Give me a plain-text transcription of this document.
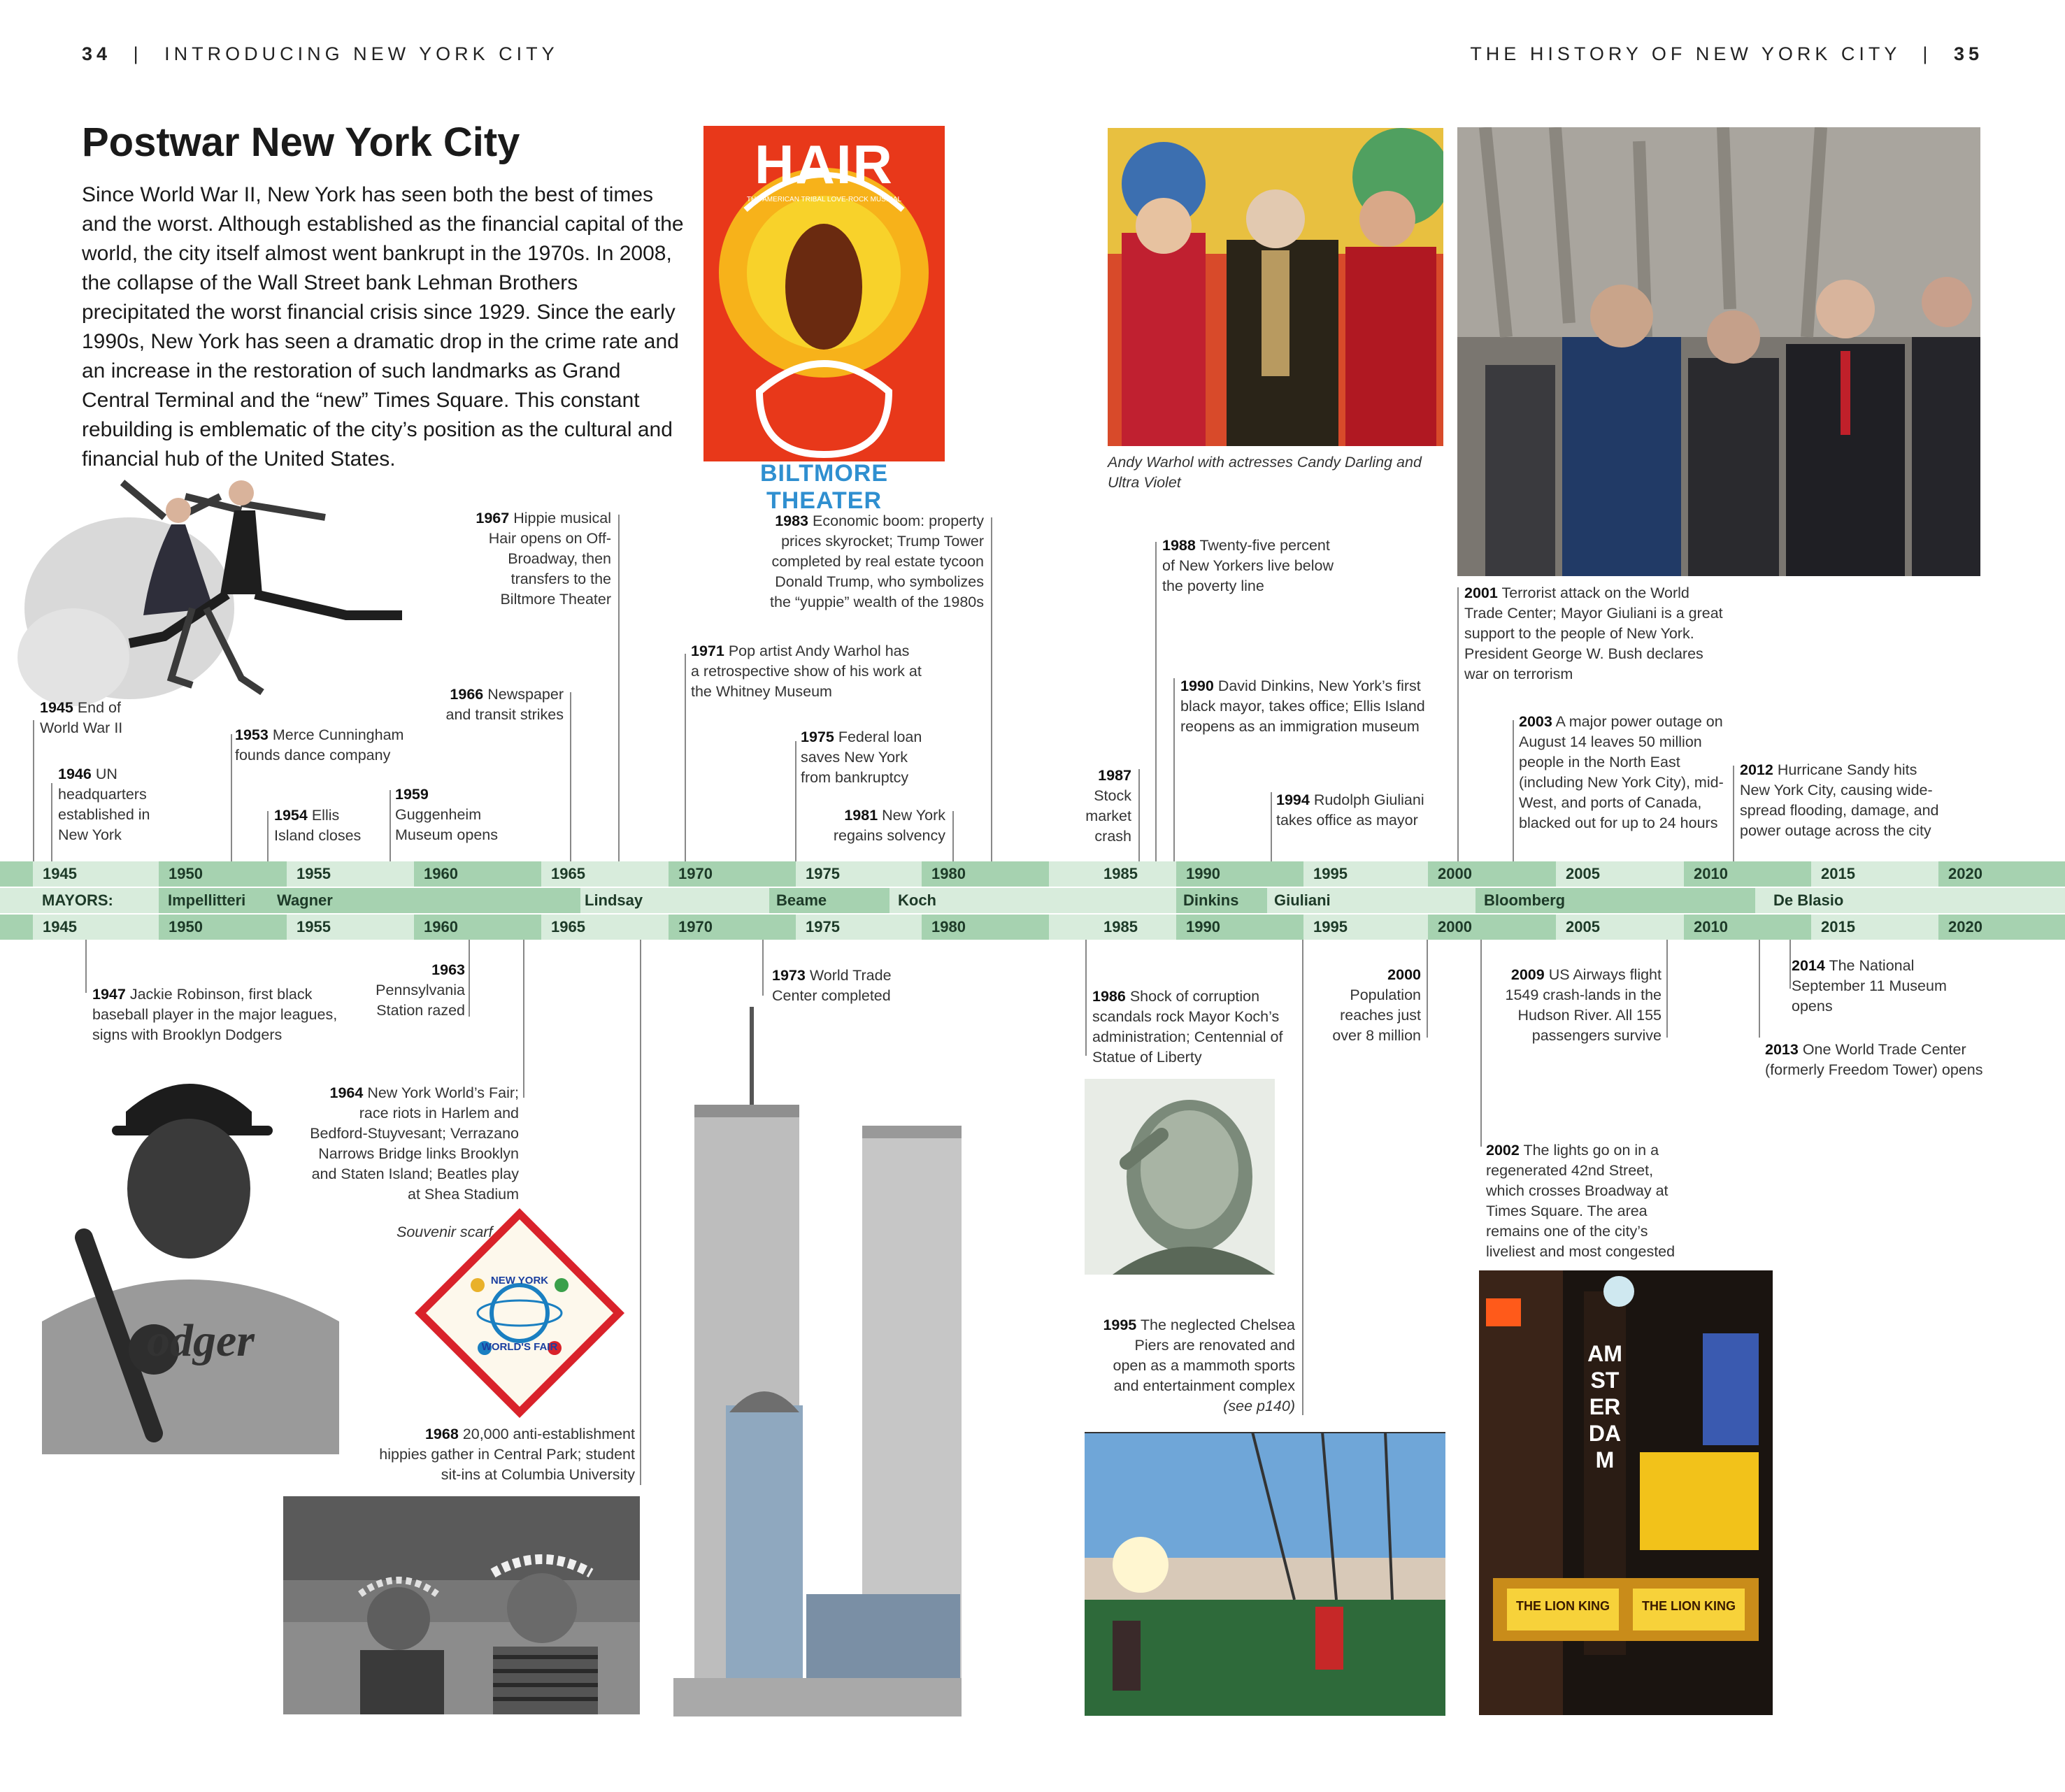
34 | INTRODUCING NEW YORK CITY	THE HISTORY OF NEW YORK CITY | 35
Postwar New York City
Since World War II, New York has seen both the best of times and the worst. Although established as the financial capital of the world, the city itself almost went bankrupt in the 1970s. In 2008, the collapse of the Wall Street bank Lehman Brothers precipitated the worst financial crisis since 1929. Since the early 1990s, New York has seen a dramatic drop in the crime rate and an increase in the restoration of such landmarks as Grand Central Terminal and the “new” Times Square. This constant rebuilding is emblematic of the city’s position as the cultural and financial hub of the United States.
HAIR
THE AMERICAN TRIBAL LOVE-ROCK MUSICAL
BILTMORE THEATER
Andy Warhol with actresses Candy Darling and Ultra Violet
odger
Souvenir scarf
NEW YORK
WORLD'S FAIR	AMSTERDAM
THE LION KING	THE LION KING
1945	1950	1955	1960	1965	1970	1975	1980	1985	1990	1995	2000	2005	2010	2015	2020
MAYORS:	Impellitteri Wagner	Lindsay	Beame	Koch	Dinkins Giuliani	Bloomberg	De Blasio
1945	1950	1955	1960	1965	1970	1975	1980	1985	1990	1995	2000	2005	2010	2015	2020
1945 End of World War II
1946 UN headquarters established in New York
1953 Merce Cunningham founds dance company
1954 Ellis Island closes
1959 Guggenheim Museum opens
1966 Newspaper and transit strikes
1967 Hippie musical Hair opens on Off-Broadway, then transfers to the Biltmore Theater
1971 Pop artist Andy Warhol has a retrospective show of his work at the Whitney Museum
1975 Federal loan saves New York from bankruptcy
1981 New York regains solvency
1983 Economic boom: property prices skyrocket; Trump Tower completed by real estate tycoon Donald Trump, who symbolizes the “yuppie” wealth of the 1980s
1987 Stock market crash
1988 Twenty-five percent of New Yorkers live below the poverty line
1990 David Dinkins, New York’s first black mayor, takes office; Ellis Island reopens as an immigration museum
1994 Rudolph Giuliani takes office as mayor
2001 Terrorist attack on the World Trade Center; Mayor Giuliani is a great support to the people of New York. President George W. Bush declares war on terrorism
2003 A major power outage on August 14 leaves 50 million people in the North East (including New York City), mid-West, and ports of Canada, blacked out for up to 24 hours
2012 Hurricane Sandy hits New York City, causing wide-spread flooding, damage, and power outage across the city
1947 Jackie Robinson, first black baseball player in the major leagues, signs with Brooklyn Dodgers
1963 Pennsylvania Station razed
1964 New York World’s Fair; race riots in Harlem and Bedford-Stuyvesant; Verrazano Narrows Bridge links Brooklyn and Staten Island; Beatles play at Shea Stadium
1968 20,000 anti-establishment hippies gather in Central Park; student sit-ins at Columbia University
1973 World Trade Center completed	1986 Shock of corruption scandals rock Mayor Koch’s administration; Centennial of Statue of Liberty
1995 The neglected Chelsea Piers are renovated and open as a mammoth sports and entertainment complex (see p140)
2000 Population reaches just over 8 million
2009 US Airways flight 1549 crash-lands in the Hudson River. All 155 passengers survive
2014 The National September 11 Museum opens
2013 One World Trade Center (formerly Freedom Tower) opens
2002 The lights go on in a regenerated 42nd Street, which crosses Broadway at Times Square. The area remains one of the city’s liveliest and most congested
